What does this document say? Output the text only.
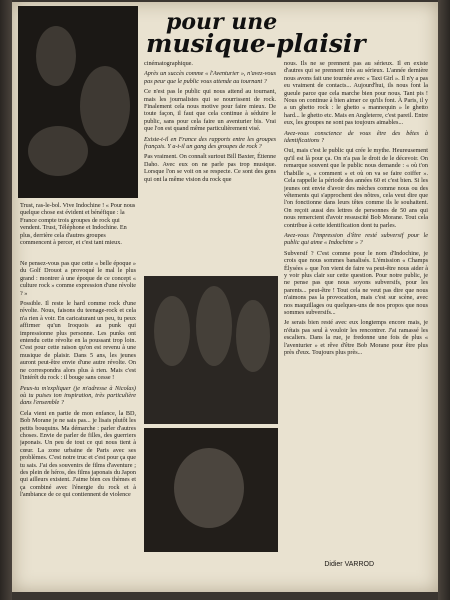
pour une
musique-plaisir
Trust, ras-le-bol. Vive Indochine ! « Pour nous quelque chose est évident et bénéfique : la France compte trois groupes de rock qui vendent. Trust, Téléphone et Indochine. En plus, derrière cela d'autres groupes commencent à percer, et c'est tant mieux.

Ne pensez-vous pas que cette « belle époque » du Golf Drouot a provoqué le mal le plus grand : montrer à une époque de ce concept « culture rock » comme expression d'une révolte ? »

Possible. Il reste le hard comme rock d'une révolte. Nous, faisons du teenage-rock et cela n'a rien à voir. En caricaturant un peu, tu peux affirmer qu'un Iroquois au punk qui impressionne plus personne. Les punks ont entendu cette révolte en la poussant trop loin. C'est pour cette raison qu'on est revenu à une musique de plaisir. Dans 5 ans, les jeunes auront peut-être envie d'une autre révolte. On ne correspondra alors plus à rien. Mais c'est l'intérêt du rock : il bouge sans cesse !

Peux-tu m'expliquer (je m'adresse à Nicolas) où tu puises ton inspiration, très particulière dans l'ensemble ?

Cela vient en partie de mon enfance, la BD, Bob Morane je ne sais pas... je lisais plutôt les petits bouquins. Ma démarche : parler d'autres choses. Envie de parler de filles, des guerriers japonais. Un peu de tout ce qui nous tient à cœur. La zone urbaine de Paris avec ses problèmes. C'est notre truc et c'est pour ça que tu sais. J'ai des souvenirs de films d'aventure ; des plein de héros, des films japonais du Japon qui ailleurs existent. J'aime bien ces thèmes et ça combiné avec l'énergie du rock et à l'ambiance de ce qui contiennent de violence

cinématographique.

Après un succès comme « l'Aventurier », n'avez-vous pas peur que le public vous attende au tournant ?

Ce n'est pas le public qui nous attend au tournant, mais les journalistes qui se nourrissent de rock. Finalement cela nous motive pour faire mieux. De toute façon, il faut que cela continue à séduire le public, sans pour cela faire un aventurier bis. Vrai que l'on est quand même particulièrement visé.

Existe-t-il en France des rapports entre les groupes français. Y a-t-il un gang des groupes de rock ?

Pas vraiment. On connaît surtout Bill Baxter, Étienne Daho. Avec eux on ne parle pas trop musique. Lorsque l'on se voit on se respecte. Ce sont des gens qui ont la même vision du rock que

nous. Ils ne se prennent pas au sérieux. Il en existe d'autres qui se prennent très au sérieux. L'année dernière nous avons fait une tournée avec « Taxi Girl ». Il n'y a pas eu vraiment de contacts... Aujourd'hui, ils nous font la gueule parce que cela marche bien pour nous. Tant pis ! Nous on continue à bien aimer ce qu'ils font. À Paris, il y a un ghetto rock : le ghetto « mannequin » le ghetto hard... le ghetto etc. Mais en Angleterre, c'est pareil. Entre eux, les groupes ne sont pas toujours aimables...

Avez-vous conscience de vous être des bêtes à identifications ?

Oui, mais c'est le public qui crée le mythe. Heureusement qu'il est là pour ça. On n'a pas le droit de le décevoir. On remarque souvent que le public nous demande : « où t'on t'habille », « comment » et où on va se faire coiffer ». Cela rappelle la période des années 60 et c'est bien. Si les jeunes ont envie d'avoir des mèches comme nous ou des vêtements qui s'approchent des nôtres, cela veut dire que l'on fonctionne dans leurs têtes comme ils le souhaitent. On reçoit aussi des lettres de personnes de 50 ans qui nous remercient d'avoir ressuscité Bob Morane. Tout cela contribue à cette identification dont tu parles.

Avez-vous l'impression d'être resté subversif pour le public qui aime « Indochine » ?

Subversif ? C'est comme pour le nom d'Indochine, je crois que nous sommes banalisés. L'émission « Champs Élysées » que l'on vient de faire va peut-être nous aider à y voir plus clair sur cette question. Pour notre public, je ne pense pas que nous soyons subversifs, pour les parents... peut-être ! Tout cela ne veut pas dire que nous n'aimons pas la provocation, mais c'est sur scène, avec nos maquillages ou quelques-uns de nos propos que nous sommes subversifs...

Je serais bien resté avec eux longtemps encore mais, je n'étais pas seul à vouloir les rencontrer. J'ai ramassé les escaliers. Dans la rue, je fredonne une fois de plus « l'aventurier » et rêve d'être Bob Morane pour être plus près d'eux. Toujours plus près...

Didier VARROD
